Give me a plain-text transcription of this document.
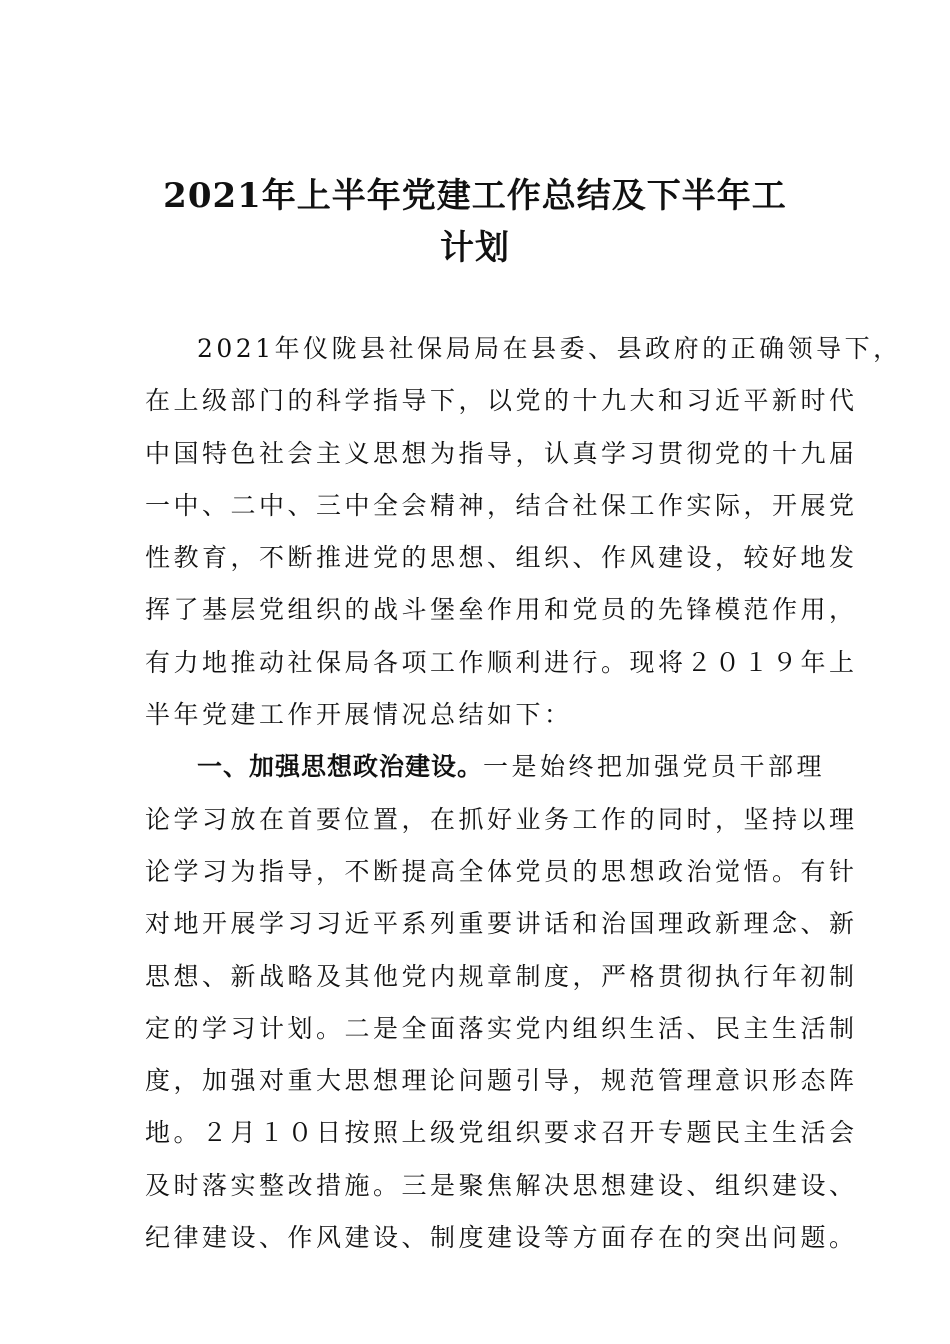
2021年上半年党建工作总结及下半年工
计划
2021年仪陇县社保局局在县委、县政府的正确领导下，
在上级部门的科学指导下，以党的十九大和习近平新时代
中国特色社会主义思想为指导，认真学习贯彻党的十九届
一中、二中、三中全会精神，结合社保工作实际，开展党
性教育，不断推进党的思想、组织、作风建设，较好地发
挥了基层党组织的战斗堡垒作用和党员的先锋模范作用，
有力地推动社保局各项工作顺利进行。现将２０１９年上
半年党建工作开展情况总结如下：
一、加强思想政治建设。一是始终把加强党员干部理
论学习放在首要位置，在抓好业务工作的同时，坚持以理
论学习为指导，不断提高全体党员的思想政治觉悟。有针
对地开展学习习近平系列重要讲话和治国理政新理念、新
思想、新战略及其他党内规章制度，严格贯彻执行年初制
定的学习计划。二是全面落实党内组织生活、民主生活制
度，加强对重大思想理论问题引导，规范管理意识形态阵
地。２月１０日按照上级党组织要求召开专题民主生活会
及时落实整改措施。三是聚焦解决思想建设、组织建设、
纪律建设、作风建设、制度建设等方面存在的突出问题。
